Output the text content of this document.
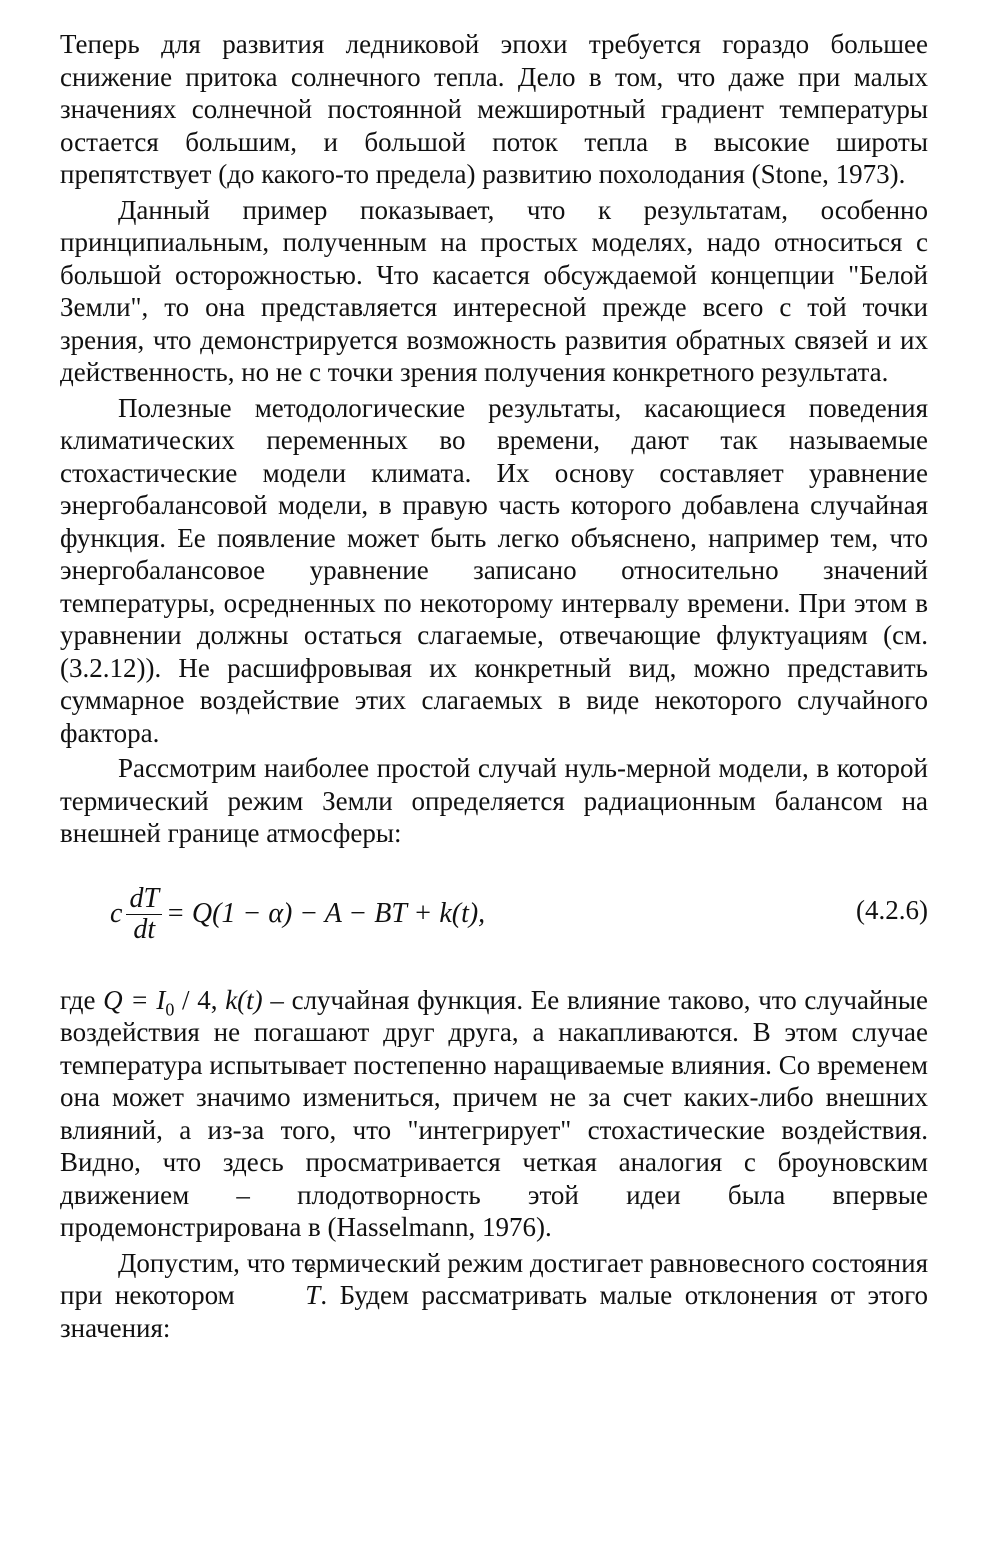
Теперь для развития ледниковой эпохи требуется гораздо большее снижение притока солнечного тепла. Дело в том, что даже при малых значениях солнечной постоянной межширотный градиент температуры остается большим, и большой поток тепла в высокие широты препятствует (до какого-то предела) развитию похолодания (Stone, 1973).

Данный пример показывает, что к результатам, особенно принципиальным, полученным на простых моделях, надо относиться с большой осторожностью. Что касается обсуждаемой концепции "Белой Земли", то она представляется интересной прежде всего с той точки зрения, что демонстрируется возможность развития обратных связей и их действенность, но не с точки зрения получения конкретного результата.

Полезные методологические результаты, касающиеся поведения климатических переменных во времени, дают так называемые стохастические модели климата. Их основу составляет уравнение энергобалансовой модели, в правую часть которого добавлена случайная функция. Ее появление может быть легко объяснено, например тем, что энергобалансовое уравнение записано относительно значений температуры, осредненных по некоторому интервалу времени. При этом в уравнении должны остаться слагаемые, отвечающие флуктуациям (см. (3.2.12)). Не расшифровывая их конкретный вид, можно представить суммарное воздействие этих слагаемых в виде некоторого случайного фактора.

Рассмотрим наиболее простой случай нуль-мерной модели, в которой термический режим Земли определяется радиационным балансом на внешней границе атмосферы:

c $\frac{dT}{dt} = Q(1 - \alpha) - A$ − BT + k(t),	(4.2.6)

где $Q = I_0 / 4$, k(t) – случайная функция. Ее влияние таково, что случайные воздействия не погашают друг друга, а накапливаются. В этом случае температура испытывает постепенно наращиваемые влияния. Со временем она может значимо измениться, причем не за счет каких-либо внешних влияний, а из-за того, что "интегрирует" стохастические воздействия. Видно, что здесь просматривается четкая аналогия с броуновским движением – плодотворность этой идеи была впервые продемонстрирована в (Hasselmann, 1976).

Допустим, что термический режим достигает равновесного состояния при некотором ˆ T. Будем рассматривать малые отклонения от этого значения:
